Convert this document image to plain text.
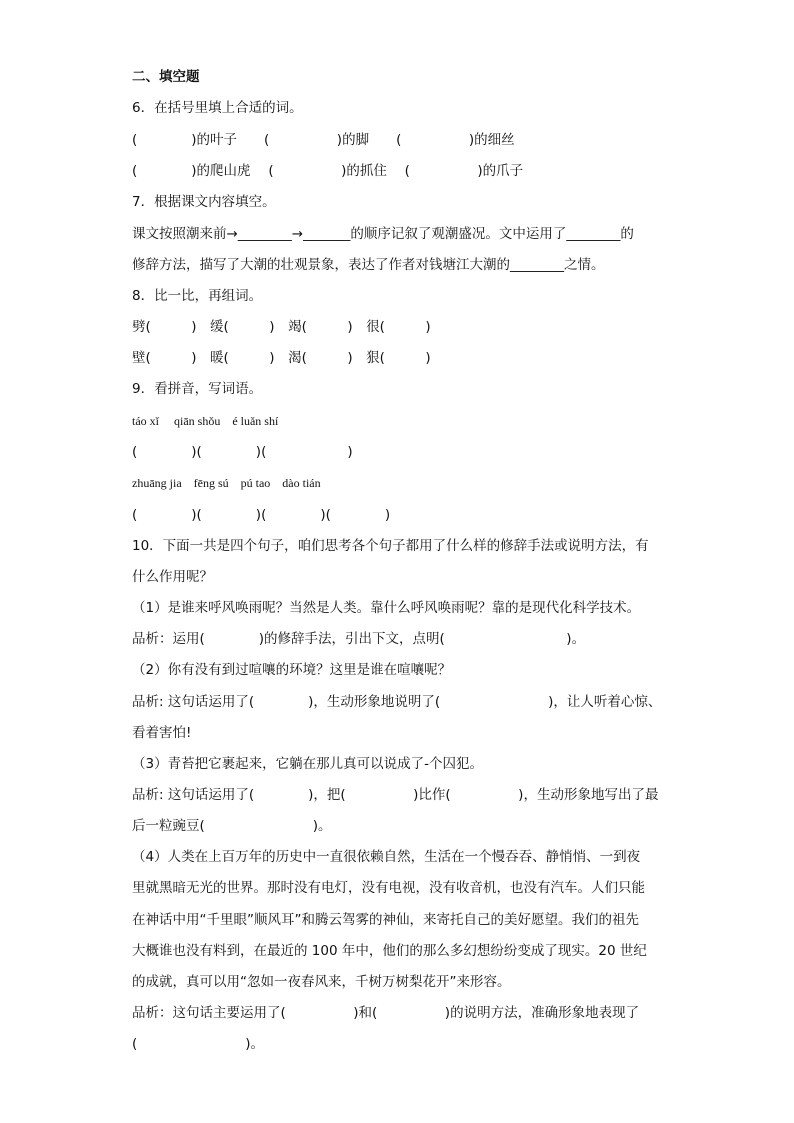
二、填空题
6．在括号里填上合适的词。
(　　　　)的叶子　　(　　　　　)的脚　　(　　　　　)的细丝
(　　　　)的爬山虎　 (　　　　　)的抓住　 (　　　　　)的爪子
7．根据课文内容填空。
课文按照潮来前→________→_______的顺序记叙了观潮盛况。文中运用了________的
修辞方法，描写了大潮的壮观景象，表达了作者对钱塘江大潮的________之情。
8．比一比，再组词。
劈(　　　)　缓(　　　)　竭(　　　)　很(　　　)
壁(　　　)　暖(　　　)　渴(　　　)　狠(　　　)
9．看拼音，写词语。
táo xǐ　 qiān shǒu　é luǎn shí
(　　　　)(　　　　)(　　　　　　)
zhuāng jia　fēng sú　pú tao　dào tián
(　　　　)(　　　　)(　　　　)(　　　　)
10．下面一共是四个句子，咱们思考各个句子都用了什么样的修辞手法或说明方法，有
什么作用呢？
（1）是谁来呼风唤雨呢？当然是人类。靠什么呼风唤雨呢？靠的是现代化科学技术。
品析：运用(　　　　)的修辞手法，引出下文，点明(　　　　　　　　　)。
（2）你有没有到过喧嚷的环境？这里是谁在喧嚷呢？
品析: 这句话运用了(　　　　)，生动形象地说明了(　　　　　　　　)，让人听着心惊、
看着害怕!
（3）青苔把它裹起来，它躺在那儿真可以说成了-个囚犯。
品析: 这句话运用了(　　　　)，把(　　　　　)比作(　　　　　)，生动形象地写出了最
后一粒豌豆(　　　　　　　　)。
（4）人类在上百万年的历史中一直很依赖自然，生活在一个慢吞吞、静悄悄、一到夜
里就黑暗无光的世界。那时没有电灯，没有电视，没有收音机，也没有汽车。人们只能
在神话中用“千里眼”顺风耳”和腾云驾雾的神仙，来寄托自己的美好愿望。我们的祖先
大概谁也没有料到，在最近的 100 年中，他们的那么多幻想纷纷变成了现实。20 世纪
的成就，真可以用“忽如一夜春风来，千树万树梨花开”来形容。
品析：这句话主要运用了(　　　　　)和(　　　　　)的说明方法，准确形象地表现了
(　　　　　　　　)。
